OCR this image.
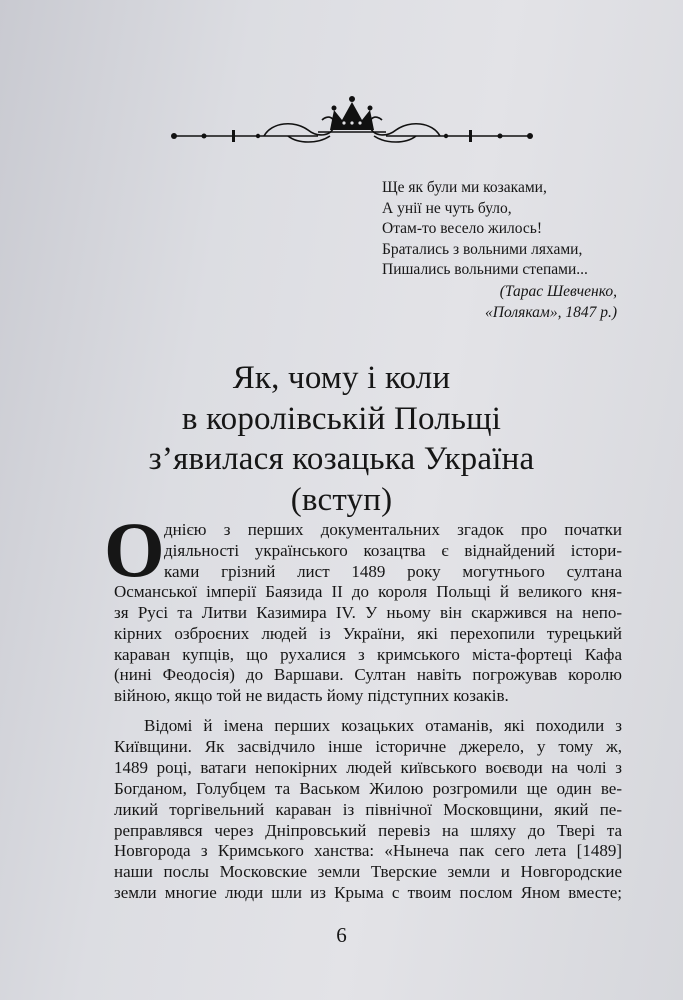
Ще як були ми козаками,
А унії не чуть було,
Отам-то весело жилось!
Братались з вольними ляхами,
Пишались вольними степами...
(Тарас Шевченко,
«Полякам», 1847 р.)
Як, чому і коли
в королівській Польщі
з’явилася козацька Україна
(вступ)
О днією з перших документальних згадок про початки
діяльності українського козацтва є віднайдений істори-
ками грізний лист 1489 року могутнього султана
Османської імперії Баязида II до короля Польщі й великого кня-
зя Русі та Литви Казимира IV. У ньому він скаржився на непо-
кірних озброєних людей із України, які перехопили турецький
караван купців, що рухалися з кримського міста-фортеці Кафа
(нині Феодосія) до Варшави. Султан навіть погрожував королю
війною, якщо той не видасть йому підступних козаків.
Відомі й імена перших козацьких отаманів, які походили з
Київщини. Як засвідчило інше історичне джерело, у тому ж,
1489 році, ватаги непокірних людей київського воєводи на чолі з
Богданом, Голубцем та Васьком Жилою розгромили ще один ве-
ликий торгівельний караван із північної Московщини, який пе-
реправлявся через Дніпровський перевіз на шляху до Твері та
Новгорода з Кримського ханства: «Нынеча пак сего лета [1489]
наши послы Московские земли Тверские земли и Новгородские
земли многие люди шли из Крыма с твоим послом Яном вместе;
6
